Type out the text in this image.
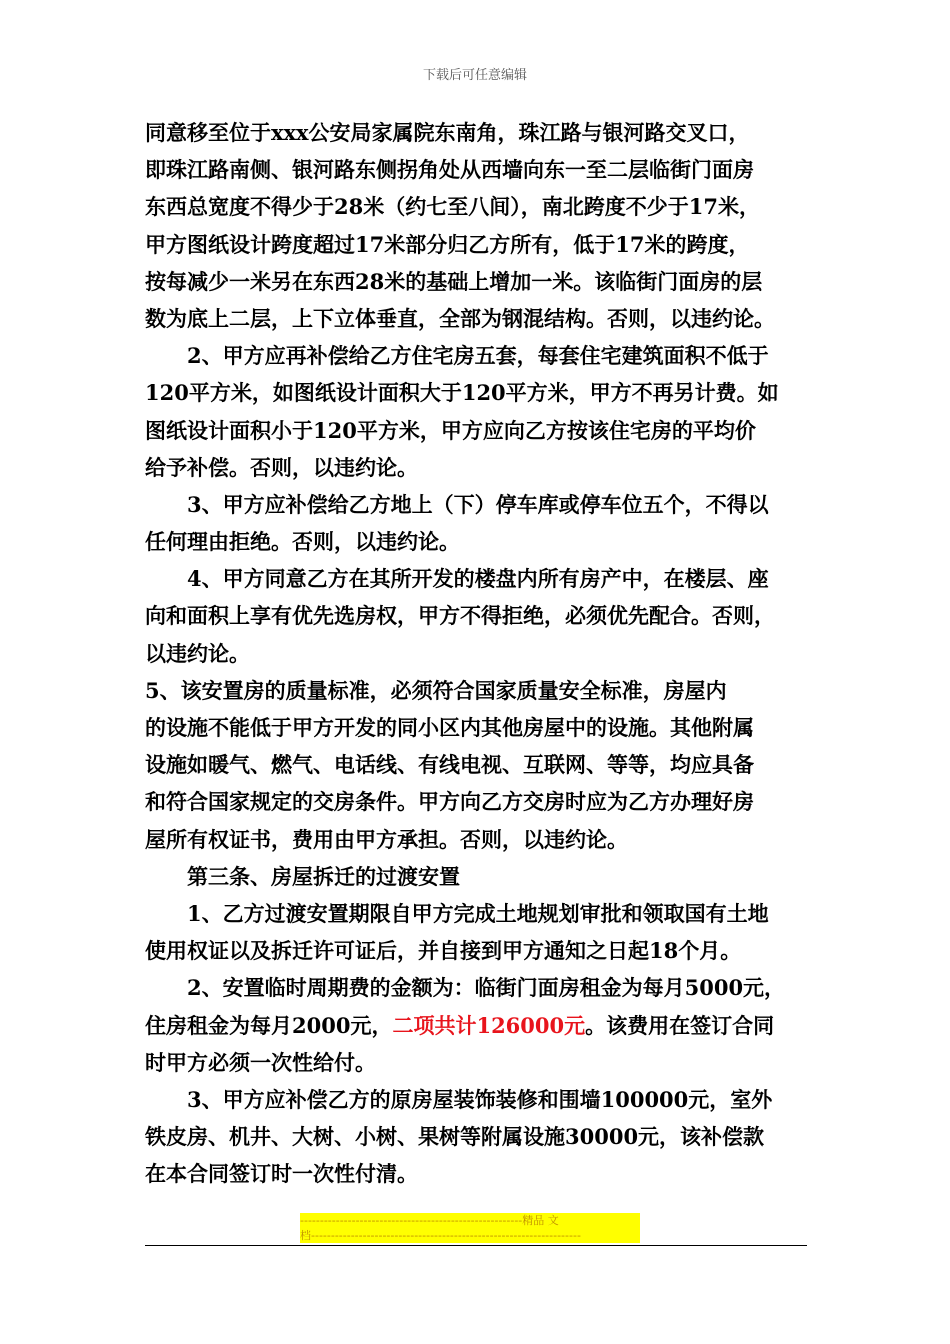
下载后可任意编辑
同意移至位于xxx公安局家属院东南角，珠江路与银河路交叉口，
即珠江路南侧、银河路东侧拐角处从西墙向东一至二层临街门面房
东西总宽度不得少于28米（约七至八间），南北跨度不少于17米，
甲方图纸设计跨度超过17米部分归乙方所有，低于17米的跨度，
按每减少一米另在东西28米的基础上增加一米。该临街门面房的层
数为底上二层，上下立体垂直，全部为钢混结构。否则，以违约论。
2、甲方应再补偿给乙方住宅房五套，每套住宅建筑面积不低于
120平方米，如图纸设计面积大于120平方米，甲方不再另计费。如
图纸设计面积小于120平方米，甲方应向乙方按该住宅房的平均价
给予补偿。否则，以违约论。
3、甲方应补偿给乙方地上（下）停车库或停车位五个，不得以
任何理由拒绝。否则，以违约论。
4、甲方同意乙方在其所开发的楼盘内所有房产中，在楼层、座
向和面积上享有优先选房权，甲方不得拒绝，必须优先配合。否则，
以违约论。
5、该安置房的质量标准，必须符合国家质量安全标准，房屋内
的设施不能低于甲方开发的同小区内其他房屋中的设施。其他附属
设施如暖气、燃气、电话线、有线电视、互联网、等等，均应具备
和符合国家规定的交房条件。甲方向乙方交房时应为乙方办理好房
屋所有权证书，费用由甲方承担。否则，以违约论。
第三条、房屋拆迁的过渡安置
1、乙方过渡安置期限自甲方完成土地规划审批和领取国有土地
使用权证以及拆迁许可证后，并自接到甲方通知之日起18个月。
2、安置临时周期费的金额为：临街门面房租金为每月5000元，
住房租金为每月2000元，二项共计126000元。该费用在签订合同
时甲方必须一次性给付。
3、甲方应补偿乙方的原房屋装饰装修和围墙100000元，室外
铁皮房、机井、大树、小树、果树等附属设施30000元，该补偿款
在本合同签订时一次性付清。
--------------------------------------------------------精品 文
档--------------------------------------------------------------------
